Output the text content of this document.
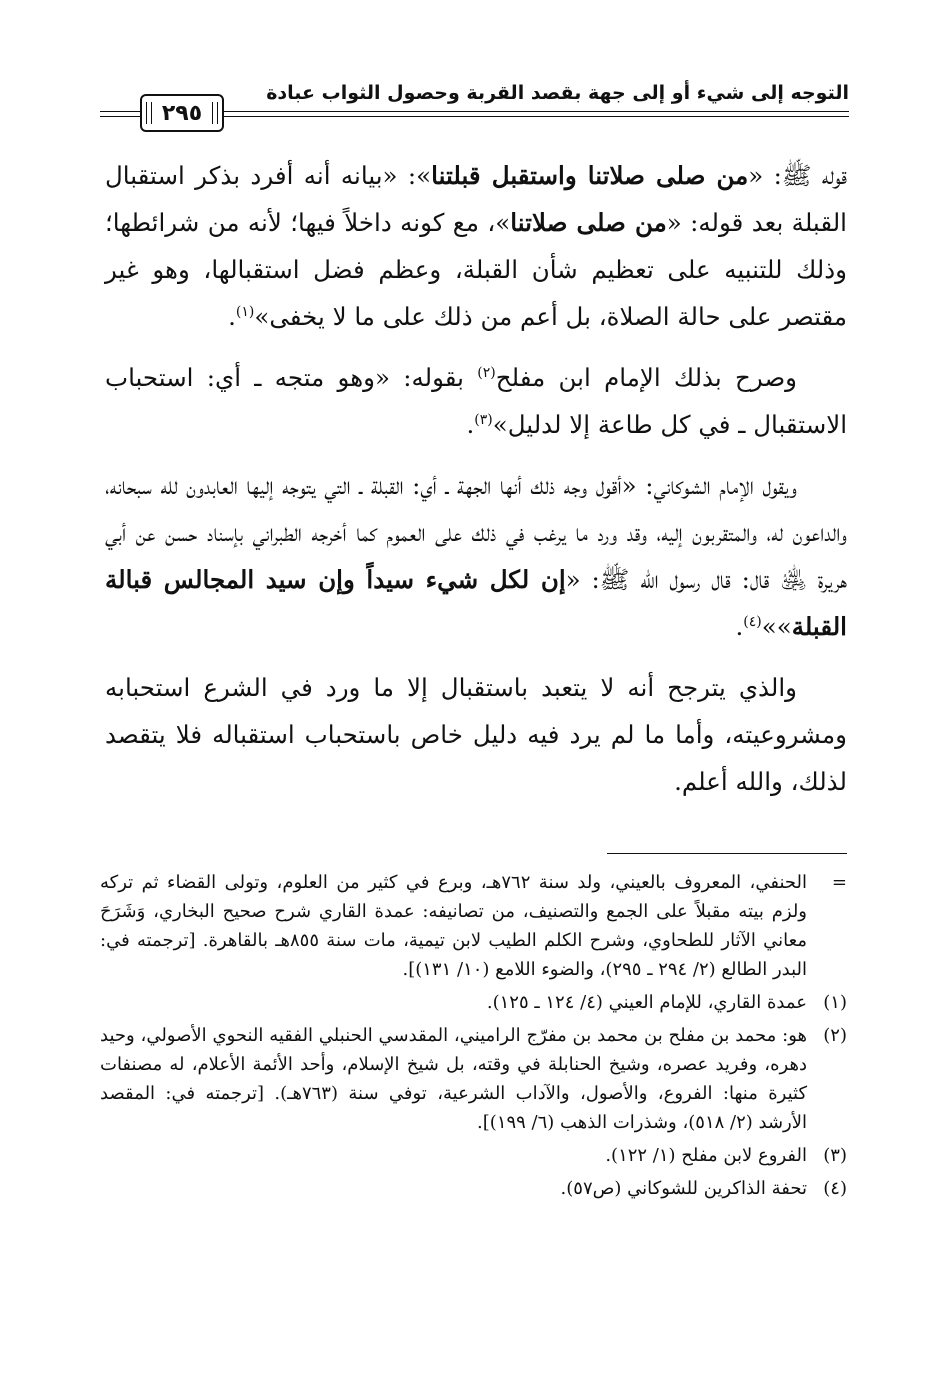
التوجه إلى شيء أو إلى جهة بقصد القربة وحصول الثواب عبادة
٢٩٥

قوله ﷺ: «من صلى صلاتنا واستقبل قبلتنا»: «بيانه أنه أفرد بذكر استقبال القبلة بعد قوله: «من صلى صلاتنا»، مع كونه داخلاً فيها؛ لأنه من شرائطها؛ وذلك للتنبيه على تعظيم شأن القبلة، وعظم فضل استقبالها، وهو غير مقتصر على حالة الصلاة، بل أعم من ذلك على ما لا يخفى»$^{(١)}$.

وصرح بذلك الإمام ابن مفلح$^{(٢)}$ بقوله: «وهو متجه ـ أي: استحباب الاستقبال ـ في كل طاعة إلا لدليل»$^{(٣)}$.

ويقول الإمام الشوكاني: «أقول وجه ذلك أنها الجهة ـ أي: القبلة ـ التي يتوجه إليها العابدون لله سبحانه، والداعون له، والمتقربون إليه، وقد ورد ما يرغب في ذلك على العموم كما أخرجه الطبراني بإسناد حسن عن أبي هريرة ﵁ قال: قال رسول الله ﷺ: «إن لكل شيء سيداً وإن سيد المجالس قبالة القبلة»»$^{(٤)}$.

والذي يترجح أنه لا يتعبد باستقبال إلا ما ورد في الشرع استحبابه ومشروعيته، وأما ما لم يرد فيه دليل خاص باستحباب استقباله فلا يتقصد لذلك، والله أعلم.

=
الحنفي، المعروف بالعيني، ولد سنة ٧٦٢هـ، وبرع في كثير من العلوم، وتولى القضاء ثم تركه ولزم بيته مقبلاً على الجمع والتصنيف، من تصانيفه: عمدة القاري شرح صحيح البخاري، وَشَرَحَ معاني الآثار للطحاوي، وشرح الكلم الطيب لابن تيمية، مات سنة ٨٥٥هـ بالقاهرة. [ترجمته في: البدر الطالع (٢/ ٢٩٤ ـ ٢٩٥)، والضوء اللامع (١٠/ ١٣١)].
(١)
عمدة القاري، للإمام العيني (٤/ ١٢٤ ـ ١٢٥).
(٢)
هو: محمد بن مفلح بن محمد بن مفرّج الراميني، المقدسي الحنبلي الفقيه النحوي الأصولي، وحيد دهره، وفريد عصره، وشيخ الحنابلة في وقته، بل شيخ الإسلام، وأحد الأئمة الأعلام، له مصنفات كثيرة منها: الفروع، والأصول، والآداب الشرعية، توفي سنة (٧٦٣هـ). [ترجمته في: المقصد الأرشد (٢/ ٥١٨)، وشذرات الذهب (٦/ ١٩٩)].
(٣)
الفروع لابن مفلح (١/ ١٢٢).
(٤)
تحفة الذاكرين للشوكاني (ص٥٧).
